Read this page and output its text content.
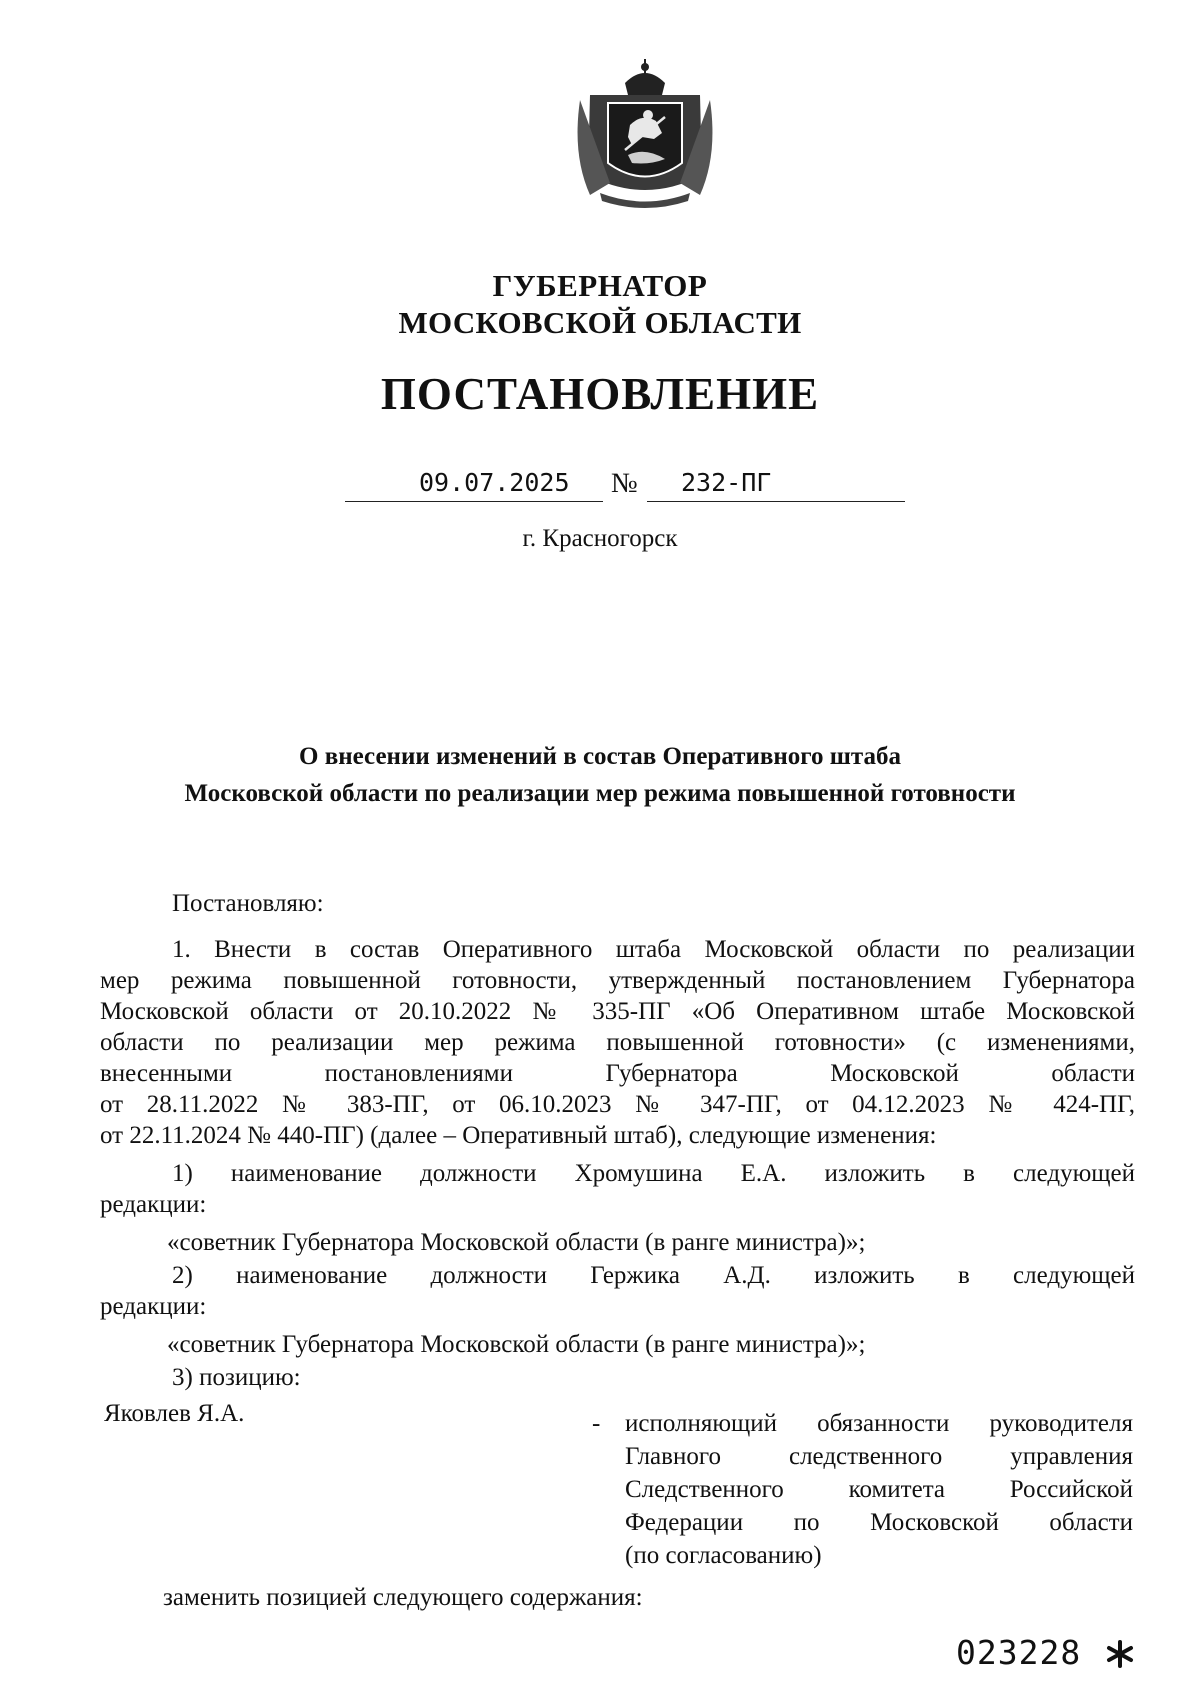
ГУБЕРНАТОР
МОСКОВСКОЙ ОБЛАСТИ
ПОСТАНОВЛЕНИЕ
09.07.2025 № 232-ПГ
г. Красногорск
О внесении изменений в состав Оперативного штаба
Московской области по реализации мер режима повышенной готовности
Постановляю:
1. Внести в состав Оперативного штаба Московской области по реализации
мер режима повышенной готовности, утвержденный постановлением Губернатора
Московской области от 20.10.2022 № 335-ПГ «Об Оперативном штабе Московской
области по реализации мер режима повышенной готовности» (с изменениями,
внесенными постановлениями Губернатора Московской области
от 28.11.2022 № 383-ПГ, от 06.10.2023 № 347-ПГ, от 04.12.2023 № 424-ПГ,
от 22.11.2024 № 440-ПГ) (далее – Оперативный штаб), следующие изменения:
1) наименование должности Хромушина Е.А. изложить в следующей
редакции:
«советник Губернатора Московской области (в ранге министра)»;
2) наименование должности Гержика А.Д. изложить в следующей
редакции:
«советник Губернатора Московской области (в ранге министра)»;
3) позицию:
Яковлев Я.А.	- исполняющий обязанности руководителя
Главного следственного управления
Следственного комитета Российской
Федерации по Московской области
(по согласованию)
заменить позицией следующего содержания:
023228
